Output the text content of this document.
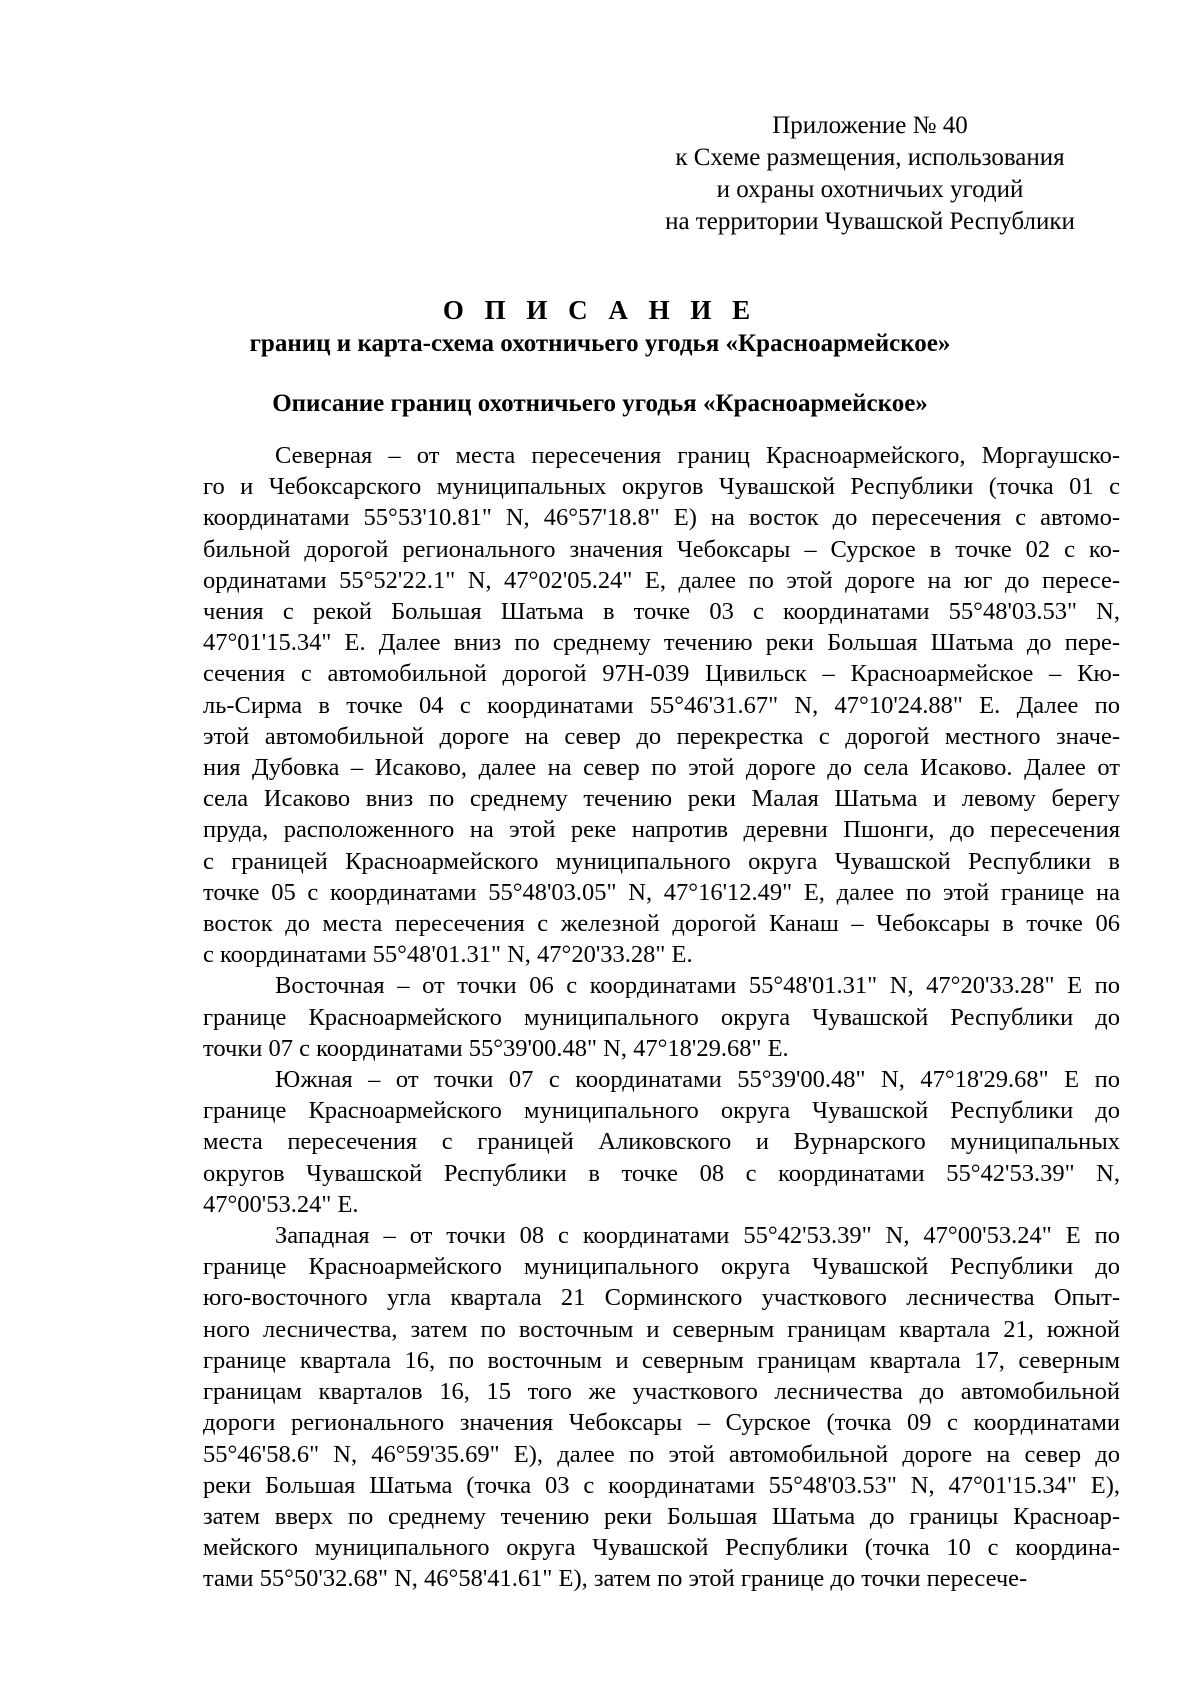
Приложение № 40
к Схеме размещения, использования
и охраны охотничьих угодий
на территории Чувашской Республики
О П И С А Н И Е
границ и карта-схема охотничьего угодья «Красноармейское»
Описание границ охотничьего угодья «Красноармейское»
Северная – от места пересечения границ Красноармейского, Моргаушско-
го и Чебоксарского муниципальных округов Чувашской Республики (точка 01 с
координатами 55°53'10.81" N, 46°57'18.8" E) на восток до пересечения с автомо-
бильной дорогой регионального значения Чебоксары – Сурское в точке 02 с ко-
ординатами 55°52'22.1" N, 47°02'05.24" E, далее по этой дороге на юг до пересе-
чения с рекой Большая Шатьма в точке 03 с координатами 55°48'03.53" N,
47°01'15.34" E. Далее вниз по среднему течению реки Большая Шатьма до пере-
сечения с автомобильной дорогой 97Н-039 Цивильск – Красноармейское – Кю-
ль-Сирма в точке 04 с координатами 55°46'31.67" N, 47°10'24.88" E. Далее по
этой автомобильной дороге на север до перекрестка с дорогой местного значе-
ния Дубовка – Исаково, далее на север по этой дороге до села Исаково. Далее от
села Исаково вниз по среднему течению реки Малая Шатьма и левому берегу
пруда, расположенного на этой реке напротив деревни Пшонги, до пересечения
с границей Красноармейского муниципального округа Чувашской Республики в
точке 05 с координатами 55°48'03.05" N, 47°16'12.49" E, далее по этой границе на
восток до места пересечения с железной дорогой Канаш – Чебоксары в точке 06
с координатами 55°48'01.31" N, 47°20'33.28" E.
Восточная – от точки 06 с координатами 55°48'01.31" N, 47°20'33.28" E по
границе Красноармейского муниципального округа Чувашской Республики до
точки 07 с координатами 55°39'00.48" N, 47°18'29.68" E.
Южная – от точки 07 с координатами 55°39'00.48" N, 47°18'29.68" E по
границе Красноармейского муниципального округа Чувашской Республики до
места пересечения с границей Аликовского и Вурнарского муниципальных
округов Чувашской Республики в точке 08 с координатами 55°42'53.39" N,
47°00'53.24" E.
Западная – от точки 08 с координатами 55°42'53.39" N, 47°00'53.24" E по
границе Красноармейского муниципального округа Чувашской Республики до
юго-восточного угла квартала 21 Сорминского участкового лесничества Опыт-
ного лесничества, затем по восточным и северным границам квартала 21, южной
границе квартала 16, по восточным и северным границам квартала 17, северным
границам кварталов 16, 15 того же участкового лесничества до автомобильной
дороги регионального значения Чебоксары – Сурское (точка 09 с координатами
55°46'58.6" N, 46°59'35.69" E), далее по этой автомобильной дороге на север до
реки Большая Шатьма (точка 03 с координатами 55°48'03.53" N, 47°01'15.34" E),
затем вверх по среднему течению реки Большая Шатьма до границы Красноар-
мейского муниципального округа Чувашской Республики (точка 10 с координа-
тами 55°50'32.68" N, 46°58'41.61" E), затем по этой границе до точки пересече-
